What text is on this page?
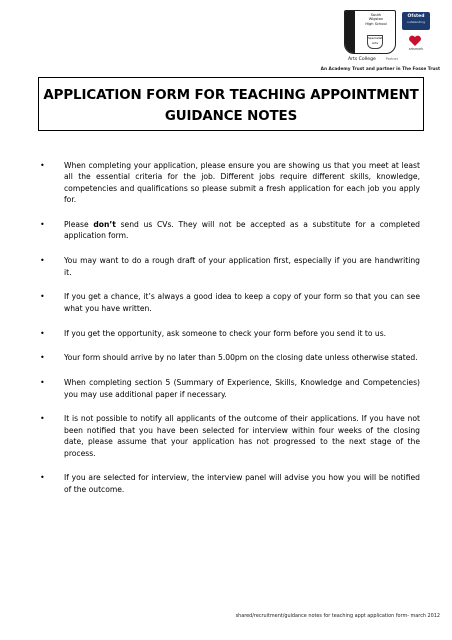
South
Wigston
High School
Specialist Arts
Ofsted
outstanding
artsmark
Arts College	Partner
An Academy Trust and partner in The Fosse Trust
APPLICATION FORM FOR TEACHING APPOINTMENT
GUIDANCE NOTES
•	When completing your application, please ensure you are showing us that you meet at least all the essential criteria for the job. Different jobs require different skills, knowledge, competencies and qualifications so please submit a fresh application for each job you apply for.
•	Please don’t send us CVs. They will not be accepted as a substitute for a completed application form.
•	You may want to do a rough draft of your application first, especially if you are handwriting it.
•	If you get a chance, it’s always a good idea to keep a copy of your form so that you can see what you have written.
•	If you get the opportunity, ask someone to check your form before you send it to us.
•	Your form should arrive by no later than 5.00pm on the closing date unless otherwise stated.
•	When completing section 5 (Summary of Experience, Skills, Knowledge and Competencies) you may use additional paper if necessary.
•	It is not possible to notify all applicants of the outcome of their applications. If you have not been notified that you have been selected for interview within four weeks of the closing date, please assume that your application has not progressed to the next stage of the process.
•	If you are selected for interview, the interview panel will advise you how you will be notified of the outcome.
shared/recruitment/guidance notes for teaching appt application form- march 2012
